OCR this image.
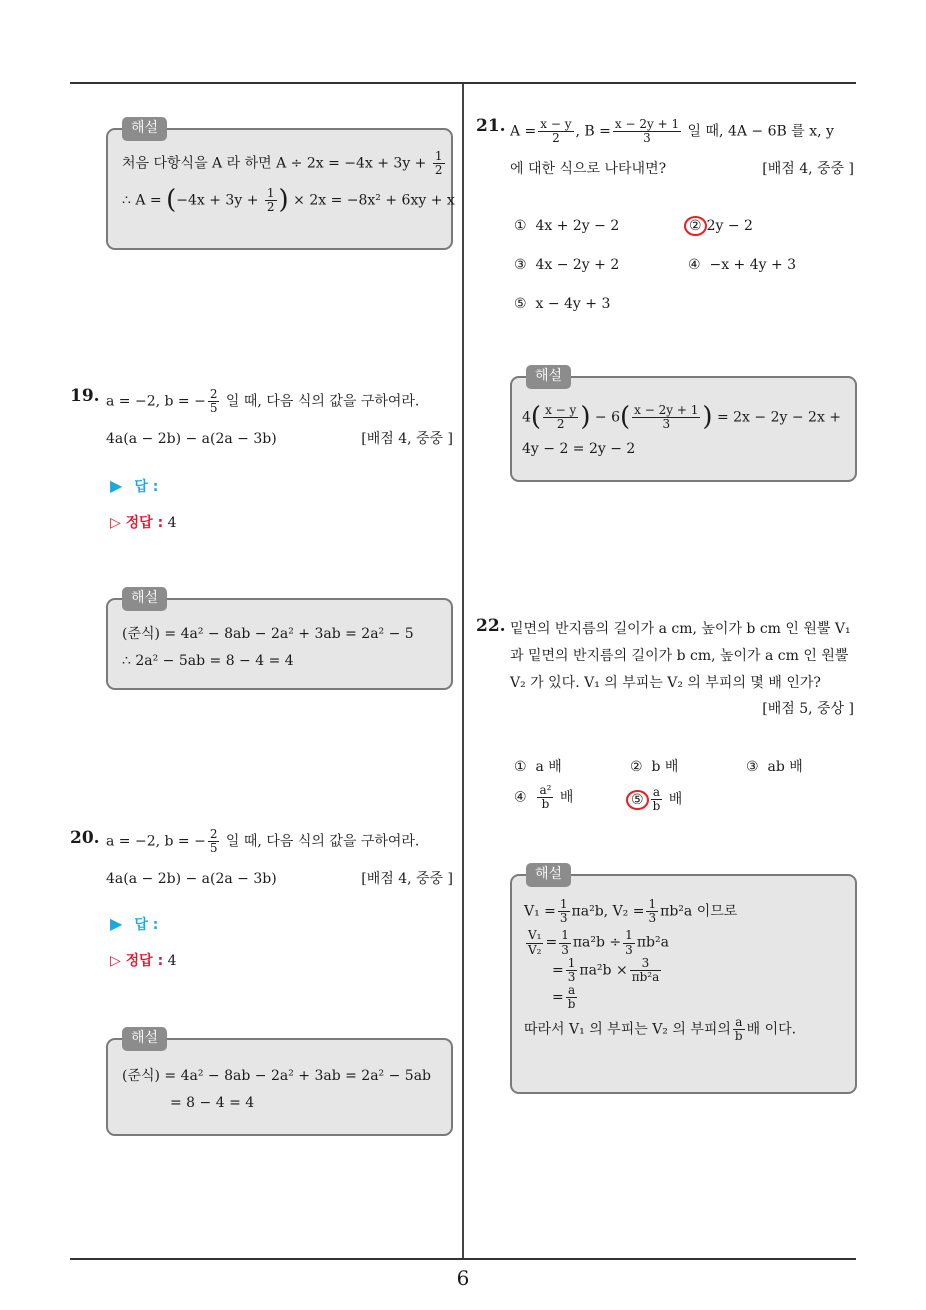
해설
처음 다항식을 A 라 하면 $A \div 2x = -4x + 3y + \frac{1}{2}$
∴ $A = (-4x + 3y + \frac{1}{2}$ ) × 2x = −8x² + 6xy + x
19. a = −2, b = − $\frac{2}{5}$ 일 때, 다음 식의 값을 구하여라.
4a(a − 2b) − a(2a − 3b)	[배점 4, 중중 ]
▶ 답 :
▷ 정답 : 4
해설
(준식) = 4a² − 8ab − 2a² + 3ab = 2a² − 5
∴ 2a² − 5ab = 8 − 4 = 4
20. a = −2, b = − $\frac{2}{5}$ 일 때, 다음 식의 값을 구하여라.
4a(a − 2b) − a(2a − 3b)	[배점 4, 중중 ]
▶ 답 :
▷ 정답 : 4
해설
(준식) = 4a² − 8ab − 2a² + 3ab = 2a² − 5ab
= 8 − 4 = 4
21. $A = \frac{x - y}{2}$ , $B = \frac{x - 2y + 1}{3}$ 일 때, 4A − 6B 를 x, y
에 대한 식으로 나타내면?	[배점 4, 중중 ]
① 4x + 2y − 2	② 2y − 2
③ 4x − 2y + 2	④ −x + 4y + 3
⑤ x − 4y + 3
해설
$4( \frac{x - y}{2}$ ) − $6( \frac{x - 2y + 1}{3}$ ) = 2x − 2y − 2x +
4y − 2 = 2y − 2
22. 밑면의 반지름의 길이가 a cm, 높이가 b cm 인 원뿔 V₁
과 밑면의 반지름의 길이가 b cm, 높이가 a cm 인 원뿔
V₂ 가 있다. V₁ 의 부피는 V₂ 의 부피의 몇 배 인가?
[배점 5, 중상 ]
① a 배	② b 배	③ ab 배
④ $\frac{\text{a²}}{b}$ 배	⑤ $\frac{a}{b}$ 배
해설
$V_1 = \frac{1}{3} \pi a^2b$, $V_2 = \frac{1}{3} \pi b^2a$ 이므로
$\frac{\text{V₁}}{\text{V₂}} = \frac{1}{3} \pi a^2b \div \frac{1}{3} \pi b^2a$
= $\frac{1}{3} \pi a^2b \times \frac{3}{\text{πb²a}}$
= $\frac{a}{b}$
따라서 V₁ 의 부피는 V₂ 의 부피의 $\frac{a}{b}$ 배 이다.
6
